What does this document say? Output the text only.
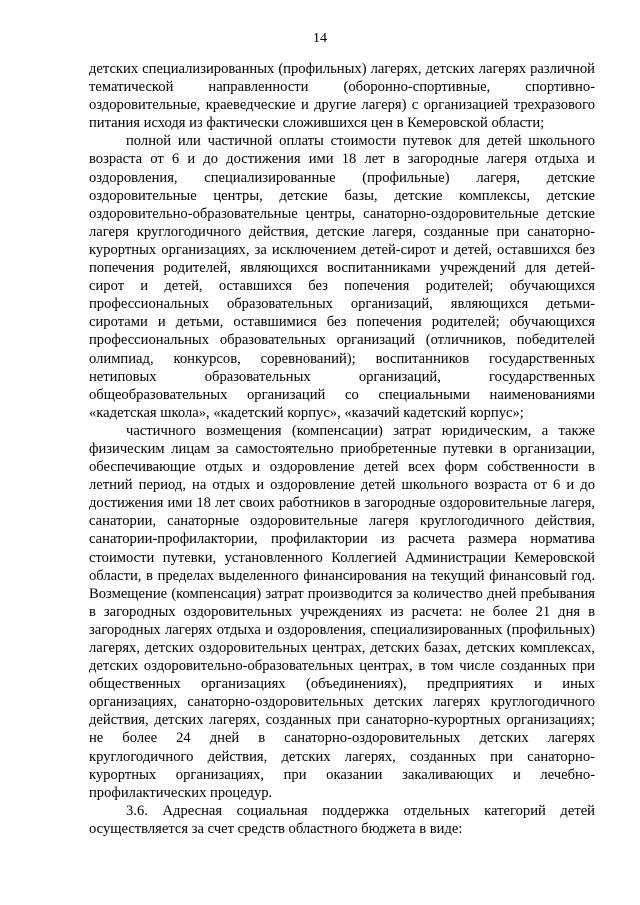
14

детских специализированных (профильных) лагерях, детских лагерях различной тематической направленности (оборонно-спортивные, спортивно-оздоровительные, краеведческие и другие лагеря) с организацией трехразового питания исходя из фактически сложившихся цен в Кемеровской области;

полной или частичной оплаты стоимости путевок для детей школьного возраста от 6 и до достижения ими 18 лет в загородные лагеря отдыха и оздоровления, специализированные (профильные) лагеря, детские оздоровительные центры, детские базы, детские комплексы, детские оздоровительно-образовательные центры, санаторно-оздоровительные детские лагеря круглогодичного действия, детские лагеря, созданные при санаторно-курортных организациях, за исключением детей-сирот и детей, оставшихся без попечения родителей, являющихся воспитанниками учреждений для детей-сирот и детей, оставшихся без попечения родителей; обучающихся профессиональных образовательных организаций, являющихся детьми-сиротами и детьми, оставшимися без попечения родителей; обучающихся профессиональных образовательных организаций (отличников, победителей олимпиад, конкурсов, соревнований); воспитанников государственных нетиповых образовательных организаций, государственных общеобразовательных организаций со специальными наименованиями «кадетская школа», «кадетский корпус», «казачий кадетский корпус»;

частичного возмещения (компенсации) затрат юридическим, а также физическим лицам за самостоятельно приобретенные путевки в организации, обеспечивающие отдых и оздоровление детей всех форм собственности в летний период, на отдых и оздоровление детей школьного возраста от 6 и до достижения ими 18 лет своих работников в загородные оздоровительные лагеря, санатории, санаторные оздоровительные лагеря круглогодичного действия, санатории-профилактории, профилактории из расчета размера норматива стоимости путевки, установленного Коллегией Администрации Кемеровской области, в пределах выделенного финансирования на текущий финансовый год. Возмещение (компенсация) затрат производится за количество дней пребывания в загородных оздоровительных учреждениях из расчета: не более 21 дня в загородных лагерях отдыха и оздоровления, специализированных (профильных) лагерях, детских оздоровительных центрах, детских базах, детских комплексах, детских оздоровительно-образовательных центрах, в том числе созданных при общественных организациях (объединениях), предприятиях и иных организациях, санаторно-оздоровительных детских лагерях круглогодичного действия, детских лагерях, созданных при санаторно-курортных организациях; не более 24 дней в санаторно-оздоровительных детских лагерях круглогодичного действия, детских лагерях, созданных при санаторно-курортных организациях, при оказании закаливающих и лечебно-профилактических процедур.

3.6. Адресная социальная поддержка отдельных категорий детей осуществляется за счет средств областного бюджета в виде:
